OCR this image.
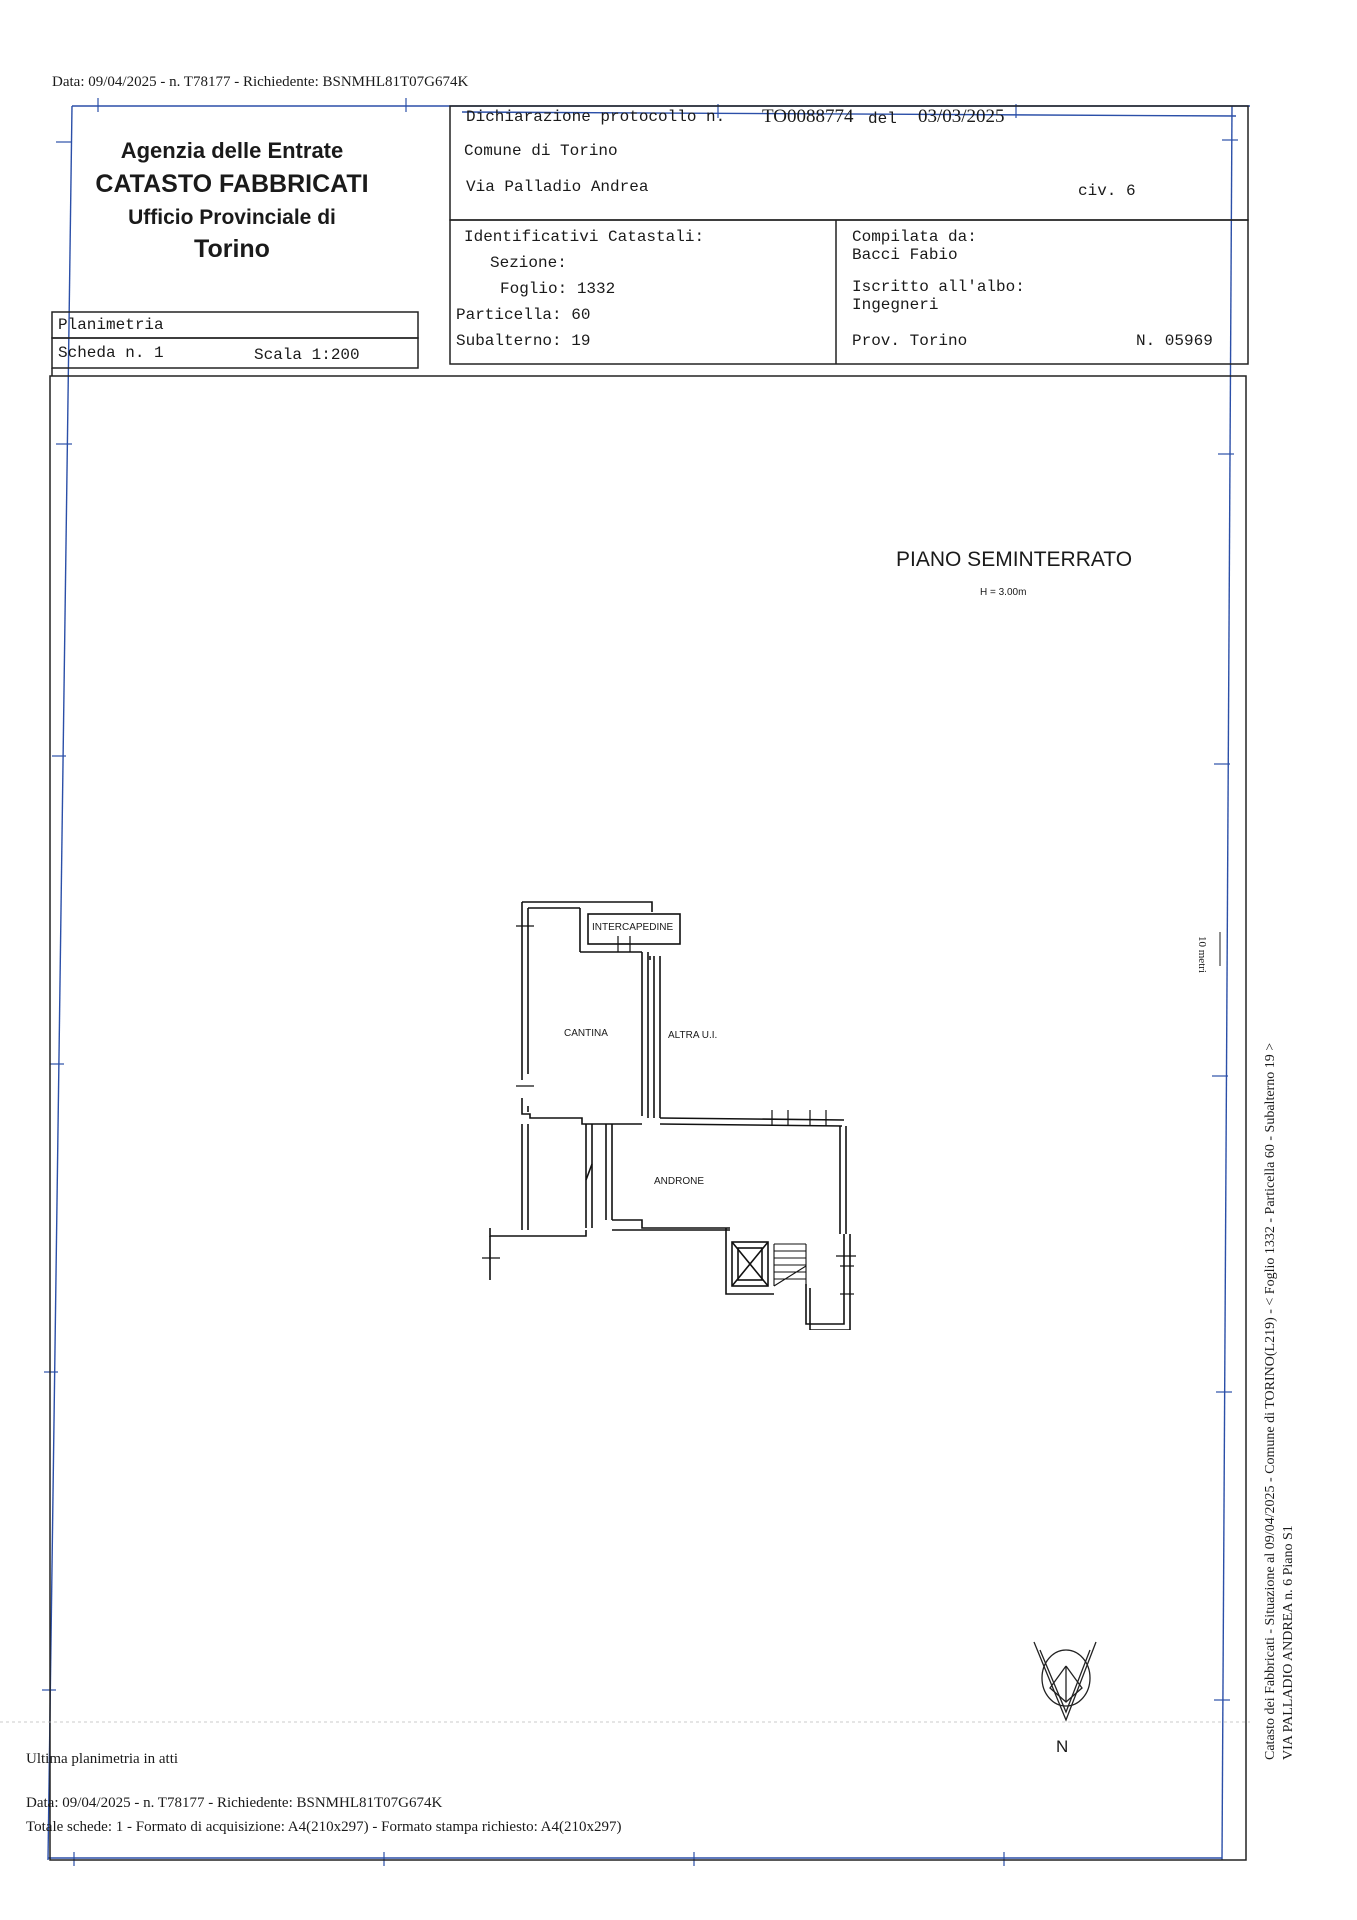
Data: 09/04/2025 - n. T78177 - Richiedente: BSNMHL81T07G674K
Agenzia delle Entrate
CATASTO FABBRICATI
Ufficio Provinciale di
Torino
Dichiarazione protocollo n. TO0088774 del 03/03/2025
Comune di Torino
Via Palladio Andrea	civ. 6
Identificativi Catastali:
Sezione:
Foglio: 1332
Particella: 60
Subalterno: 19
Compilata da:
Bacci Fabio
Iscritto all'albo:
Ingegneri
Prov. Torino	N. 05969
Planimetria
Scheda n. 1	Scala 1:200
PIANO SEMINTERRATO
H = 3.00m
INTERCAPEDINE
CANTINA	ALTRA U.I.
ANDRONE
10 metri
N
Ultima planimetria in atti
Data: 09/04/2025 - n. T78177 - Richiedente: BSNMHL81T07G674K
Totale schede: 1 - Formato di acquisizione: A4(210x297) - Formato stampa richiesto: A4(210x297)
Catasto dei Fabbricati - Situazione al 09/04/2025 - Comune di TORINO(L219) - < Foglio 1332 - Particella 60 - Subalterno 19 > VIA PALLADIO ANDREA n. 6 Piano S1
